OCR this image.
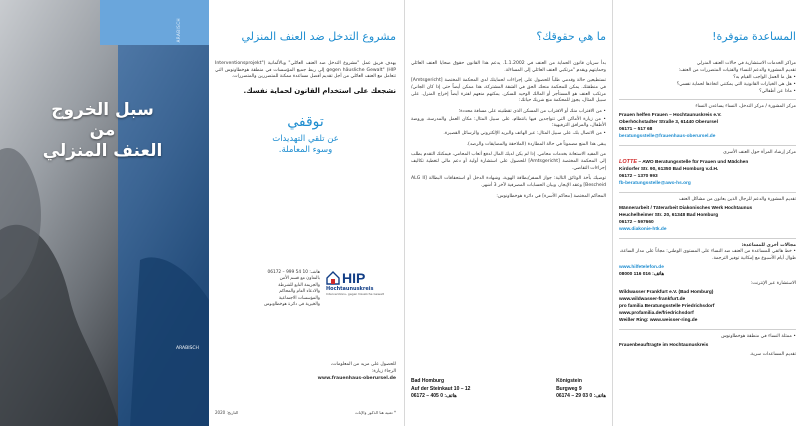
ARABISCH
سبل الخروج
من
العنف المنزلي
ARABISCH
مشروع التدخل ضد العنف المنزلي

يهدف فريق عمل "مشروع التدخل ضد العنف العائلي" وبالألمانية ("Interventionsprojekt gegen häusliche Gewalt" (HIP إلى ربط جميع المؤسسات في منطقة هوخطاونوس التي تتعامل مع العنف العائلي من أجل تقديم أفضل مساعدة ممكنة للمتضررين والمتضررات.

نشجعك على استخدام القانون لحماية نفسك.
توقفي
عن تلقي التهديدات
وسوء المعاملة.
هاتف: 10 54 999 – 06172
بالتعاون مع قسم الأمن
والجريمة التابع للشرطة
والادعاء العام والمحاكم
والمؤسسات الاجتماعية
والخيرية في دائرة هوخطاونوس
HIP
Hochtaunuskreis
Interventions- gegen häusliche Gewalt
للحصول على مزيد من المعلومات،
الرجاء زيارة:
www.frauenhaus-oberursel.de
* تعنيه هنا الذكور والإناث
التاريخ: 2020
ما هي حقوقك؟

بدأ سريان قانون الحماية من العنف في 1.1.2002. يدعم هذا القانون حقوق ضحايا العنف العائلي وحمايتهم ويقدم "مرتكبي العنف العائلي إلى المساءلة.

تستطيعين حالة وقدمي طلباً للحصول على إجراءات لحمايتك لدى المحكمة المختصة [Amtsgericht] في منطقتك. يمكن للمحكمة منحك الحق في الشقة المشتركة، هذا ممكن أيضاً حتى إذا كان الجاني/مرتكب العنف هو المستأجر أو المالك الوحيد للسكن. يمكنهم منعهم لفترة أيضاً إخراج المنزل. على سبيل المثال، يجوز للمحكمة منع شريك حياتك:

• من الاقتراب منك أو الاقتراب من المسكن الذي تقطنينه على مسافة محددة؛
• من زيارة الأماكن التي تتواجدين فيها بانتظام، على سبيل المثال: مكان العمل والمدرسة، وروضة الأطفال، والمرافق الترفيهية؛
• من الاتصال بك، على سبيل المثال: عبر الهاتف والبريد الإلكتروني والرسائل القصيرة.

يبقى هذا المنع مضموناً في حالة المطاردة (الملاحقة والمضايقات والرصد).

من المفيد الاستعانة بخدمات محامي. إذا لم يكن لديك المال لدفع أتعاب المحامي، فيمكنك التقدم بطلب إلى المحكمة المختصة [Amtsgericht] للحصول على استشارة أولية أو دعم مالي لتغطية تكاليف إجراءات التقاضي.

توصيك بأخذ الوثائق التالية: جواز السفر/بطاقة الهوية، وشهادة الدخل أو استحقاقات البطالة [ALG II Bescheid] وعقد الإيجار، وبيان الحسابات المصرفية لآخر 3 أشهر.

المحاكم المختصة [محاكم الأسرة] في دائرة هوخطاونوس:

Bad Homburg
Auf der Steinkaut 10 – 12
06172 – 405 0 :هاتف
Königstein
Burgweg 9
06174 – 29 03 0 :هاتف
المساعدة متوفرة!
مراكز الخدمات الاستشارية في حالات العنف المنزلي
تقديم المشورة والدعم للنساء والفتيات المتضررات من العنف:
• هل ما العمل الواجب القيام به؟
• هل هي الخيارات القانونية التي يمكنني اتخاذها لحماية نفسي؟
• ماذا عن أطفالي؟
مركز المشورة / مركز التدخل، النساء يساعدن النساء
Frauen helfen Frauen – Hochtaunuskreis e.V.
Oberhöchstadter Straße 3, 61440 Oberursel
06171 – 517 68
beratungsstelle@frauenhaus-oberursel.de
مركز إرشاد المرأة حول العنف الأسري
LOTTE – AWO Beratungsstelle für Frauen und Mädchen
Kirdorfer Str. 90, 61350 Bad Homburg v.d.H.
06172 – 1370 993
fb-beratungsstelle@awo-hs.org
تقديم المشورة والدعم للرجال الذين يعانون من مشاكل العنف
Männerarbeit / Täterarbeit Diakonisches Werk Hochtaunus
Heuchelheimer Str. 20, 61348 Bad Homburg
06172 – 597660
www.diakonie-htk.de
مجالات أخرى للمساعدة:
• خط هاتفي للمساعدة من العنف ضد النساء على المستوى الوطني: مجاناً على مدار الساعة، طوال أيام الأسبوع مع إمكانية توفير الترجمة.
www.hilfetelefon.de
08000 116 016 :هاتف
الاستشارة عبر الإنترنت:
Wildwasser Frankfurt e.V. (Bad Homburg)
www.wildwasser-frankfurt.de
pro familia Beratungsstelle Friedrichsdorf
www.profamilia.de/friedrichsdorf
Weißer Ring: www.weisser-ring.de
• ممثلة النساء في منطقة هوخطاونوس
Frauenbeauftragte im Hochtaunuskreis
تقديم المساعدات سرية.
